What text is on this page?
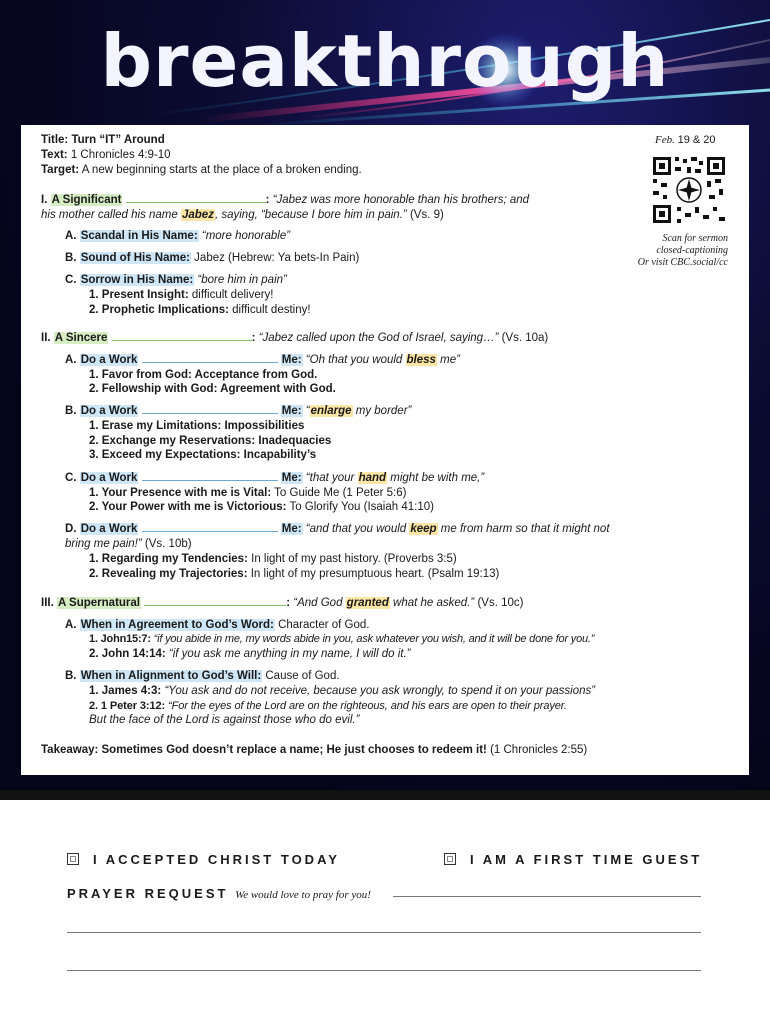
breakthrough
Feb. 19 & 20
Scan for sermon
closed-captioning
Or visit CBC.social/cc
Title: Turn “IT” Around
Text: 1 Chronicles 4:9-10
Target: A new beginning starts at the place of a broken ending.
I. A Significant	: “Jabez was more honorable than his brothers; and
his mother called his name Jabez, saying, “because I bore him in pain.” (Vs. 9)
A. Scandal in His Name: “more honorable”
B. Sound of His Name: Jabez (Hebrew: Ya bets-In Pain)
C. Sorrow in His Name: “bore him in pain”
1. Present Insight: difficult delivery!
2. Prophetic Implications: difficult destiny!
II. A Sincere	: “Jabez called upon the God of Israel, saying…” (Vs. 10a)
A. Do a Work	Me: “Oh that you would bless me”
1. Favor from God: Acceptance from God.
2. Fellowship with God: Agreement with God.
B. Do a Work	Me: “enlarge my border”
1. Erase my Limitations: Impossibilities
2. Exchange my Reservations: Inadequacies
3. Exceed my Expectations: Incapability’s
C. Do a Work	Me: “that your hand might be with me,”
1. Your Presence with me is Vital: To Guide Me (1 Peter 5:6)
2. Your Power with me is Victorious: To Glorify You (Isaiah 41:10)
D. Do a Work	Me: “and that you would keep me from harm so that it might not
bring me pain!” (Vs. 10b)
1. Regarding my Tendencies: In light of my past history. (Proverbs 3:5)
2. Revealing my Trajectories: In light of my presumptuous heart. (Psalm 19:13)
III. A Supernatural	: “And God granted what he asked.” (Vs. 10c)
A. When in Agreement to God’s Word: Character of God.
1. John15:7: “if you abide in me, my words abide in you, ask whatever you wish, and it will be done for you.”
2. John 14:14: “if you ask me anything in my name, I will do it.”
B. When in Alignment to God’s Will: Cause of God.
1. James 4:3: “You ask and do not receive, because you ask wrongly, to spend it on your passions”
2. 1 Peter 3:12: “For the eyes of the Lord are on the righteous, and his ears are open to their prayer.
But the face of the Lord is against those who do evil.”
Takeaway: Sometimes God doesn’t replace a name; He just chooses to redeem it! (1 Chronicles 2:55)
I ACCEPTED CHRIST TODAY	I AM A FIRST TIME GUEST
PRAYER REQUEST We would love to pray for you!
